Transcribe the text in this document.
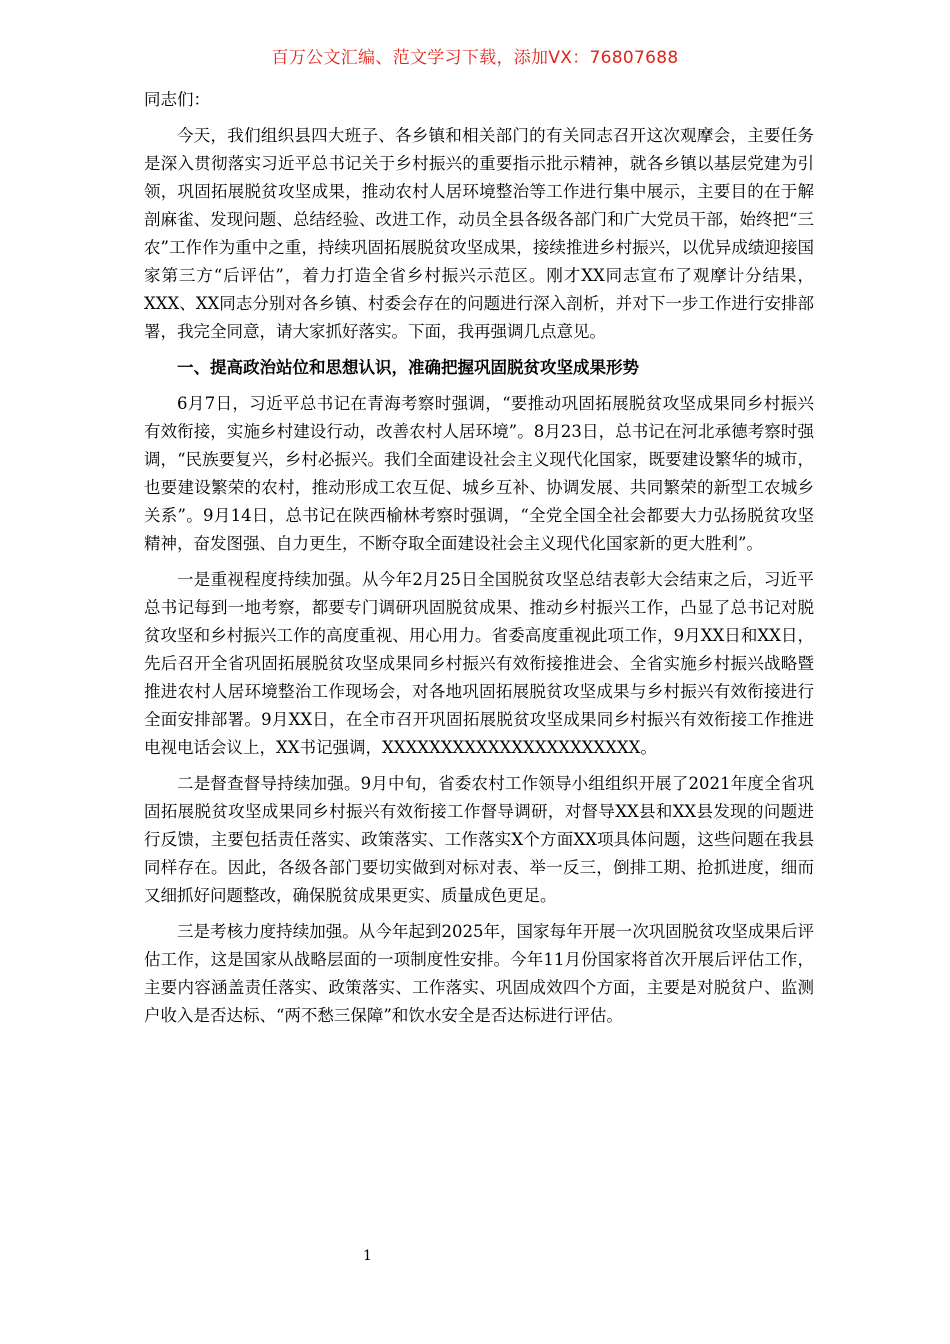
百万公文汇编、范文学习下载，添加VX：76807688

同志们：

今天，我们组织县四大班子、各乡镇和相关部门的有关同志召开这次观摩会，主要任务是深入贯彻落实习近平总书记关于乡村振兴的重要指示批示精神，就各乡镇以基层党建为引领，巩固拓展脱贫攻坚成果，推动农村人居环境整治等工作进行集中展示，主要目的在于解剖麻雀、发现问题、总结经验、改进工作，动员全县各级各部门和广大党员干部，始终把“三农”工作作为重中之重，持续巩固拓展脱贫攻坚成果，接续推进乡村振兴，以优异成绩迎接国家第三方“后评估”，着力打造全省乡村振兴示范区。刚才XX同志宣布了观摩计分结果，XXX、XX同志分别对各乡镇、村委会存在的问题进行深入剖析，并对下一步工作进行安排部署，我完全同意，请大家抓好落实。下面，我再强调几点意见。

一、提高政治站位和思想认识，准确把握巩固脱贫攻坚成果形势

6月7日，习近平总书记在青海考察时强调，“要推动巩固拓展脱贫攻坚成果同乡村振兴有效衔接，实施乡村建设行动，改善农村人居环境”。8月23日，总书记在河北承德考察时强调，“民族要复兴，乡村必振兴。我们全面建设社会主义现代化国家，既要建设繁华的城市，也要建设繁荣的农村，推动形成工农互促、城乡互补、协调发展、共同繁荣的新型工农城乡关系”。9月14日，总书记在陕西榆林考察时强调，“全党全国全社会都要大力弘扬脱贫攻坚精神，奋发图强、自力更生，不断夺取全面建设社会主义现代化国家新的更大胜利”。

一是重视程度持续加强。从今年2月25日全国脱贫攻坚总结表彰大会结束之后，习近平总书记每到一地考察，都要专门调研巩固脱贫成果、推动乡村振兴工作，凸显了总书记对脱贫攻坚和乡村振兴工作的高度重视、用心用力。省委高度重视此项工作，9月XX日和XX日，先后召开全省巩固拓展脱贫攻坚成果同乡村振兴有效衔接推进会、全省实施乡村振兴战略暨推进农村人居环境整治工作现场会，对各地巩固拓展脱贫攻坚成果与乡村振兴有效衔接进行全面安排部署。9月XX日，在全市召开巩固拓展脱贫攻坚成果同乡村振兴有效衔接工作推进电视电话会议上，XX书记强调，XXXXXXXXXXXXXXXXXXXXXX。

二是督查督导持续加强。9月中旬，省委农村工作领导小组组织开展了2021年度全省巩固拓展脱贫攻坚成果同乡村振兴有效衔接工作督导调研，对督导XX县和XX县发现的问题进行反馈，主要包括责任落实、政策落实、工作落实X个方面XX项具体问题，这些问题在我县同样存在。因此，各级各部门要切实做到对标对表、举一反三，倒排工期、抢抓进度，细而又细抓好问题整改，确保脱贫成果更实、质量成色更足。

三是考核力度持续加强。从今年起到2025年，国家每年开展一次巩固脱贫攻坚成果后评估工作，这是国家从战略层面的一项制度性安排。今年11月份国家将首次开展后评估工作，主要内容涵盖责任落实、政策落实、工作落实、巩固成效四个方面，主要是对脱贫户、监测户收入是否达标、“两不愁三保障”和饮水安全是否达标进行评估。

1
